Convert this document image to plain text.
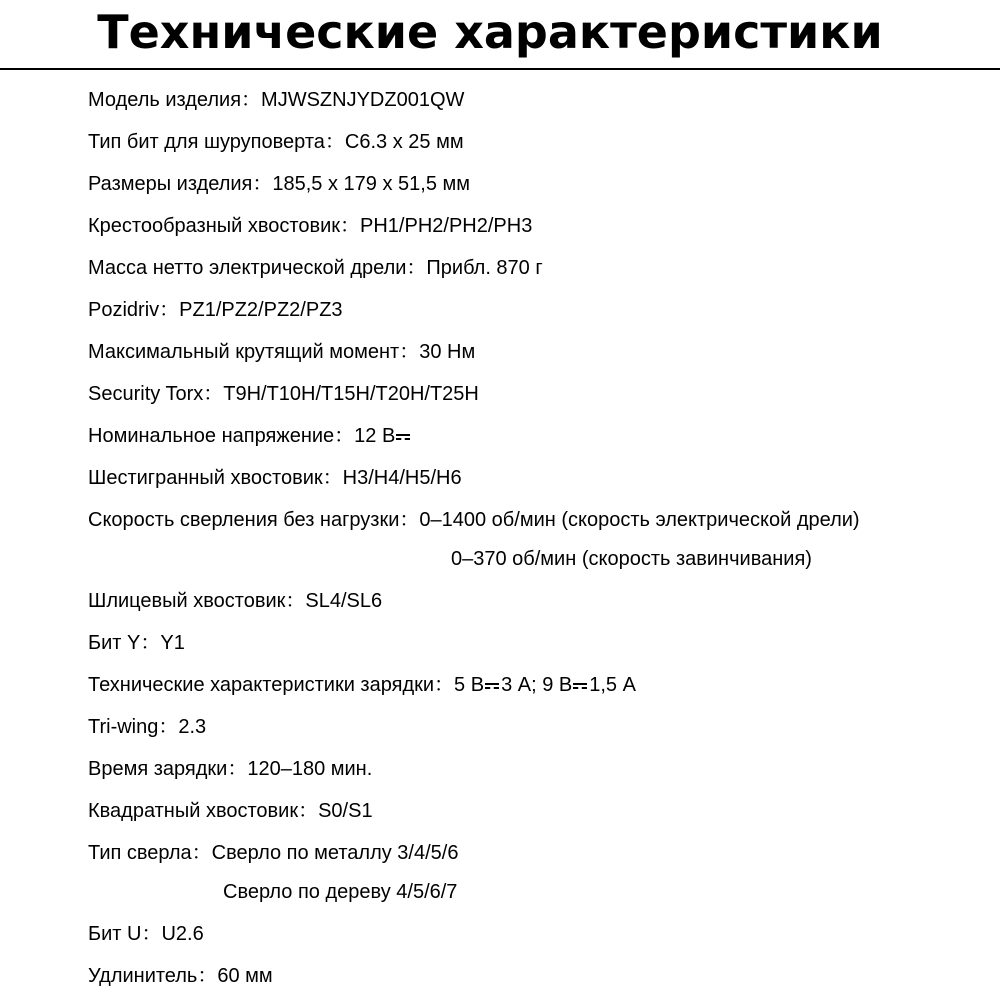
Технические характеристики
Модель изделия：MJWSZNJYDZ001QW
Тип бит для шуруповерта：C6.3 x 25 мм
Размеры изделия：185,5 x 179 x 51,5 мм
Крестообразный хвостовик：PH1/PH2/PH2/PH3
Масса нетто электрической дрели：Прибл. 870 г
Pozidriv：PZ1/PZ2/PZ2/PZ3
Максимальный крутящий момент：30 Нм
Security Torx：T9H/T10H/T15H/T20H/T25H
Номинальное напряжение：12 В
Шестигранный хвостовик：H3/H4/H5/H6
Скорость сверления без нагрузки：0–1400 об/мин (скорость электрической дрели)
0–370 об/мин (скорость завинчивания)
Шлицевый хвостовик：SL4/SL6
Бит Y：Y1
Технические характеристики зарядки：5 В 3 А; 9 В 1,5 А
Tri-wing：2.3
Время зарядки：120–180 мин.
Квадратный хвостовик：S0/S1
Тип сверла：Сверло по металлу 3/4/5/6
Сверло по дереву 4/5/6/7
Бит U：U2.6
Удлинитель：60 мм
